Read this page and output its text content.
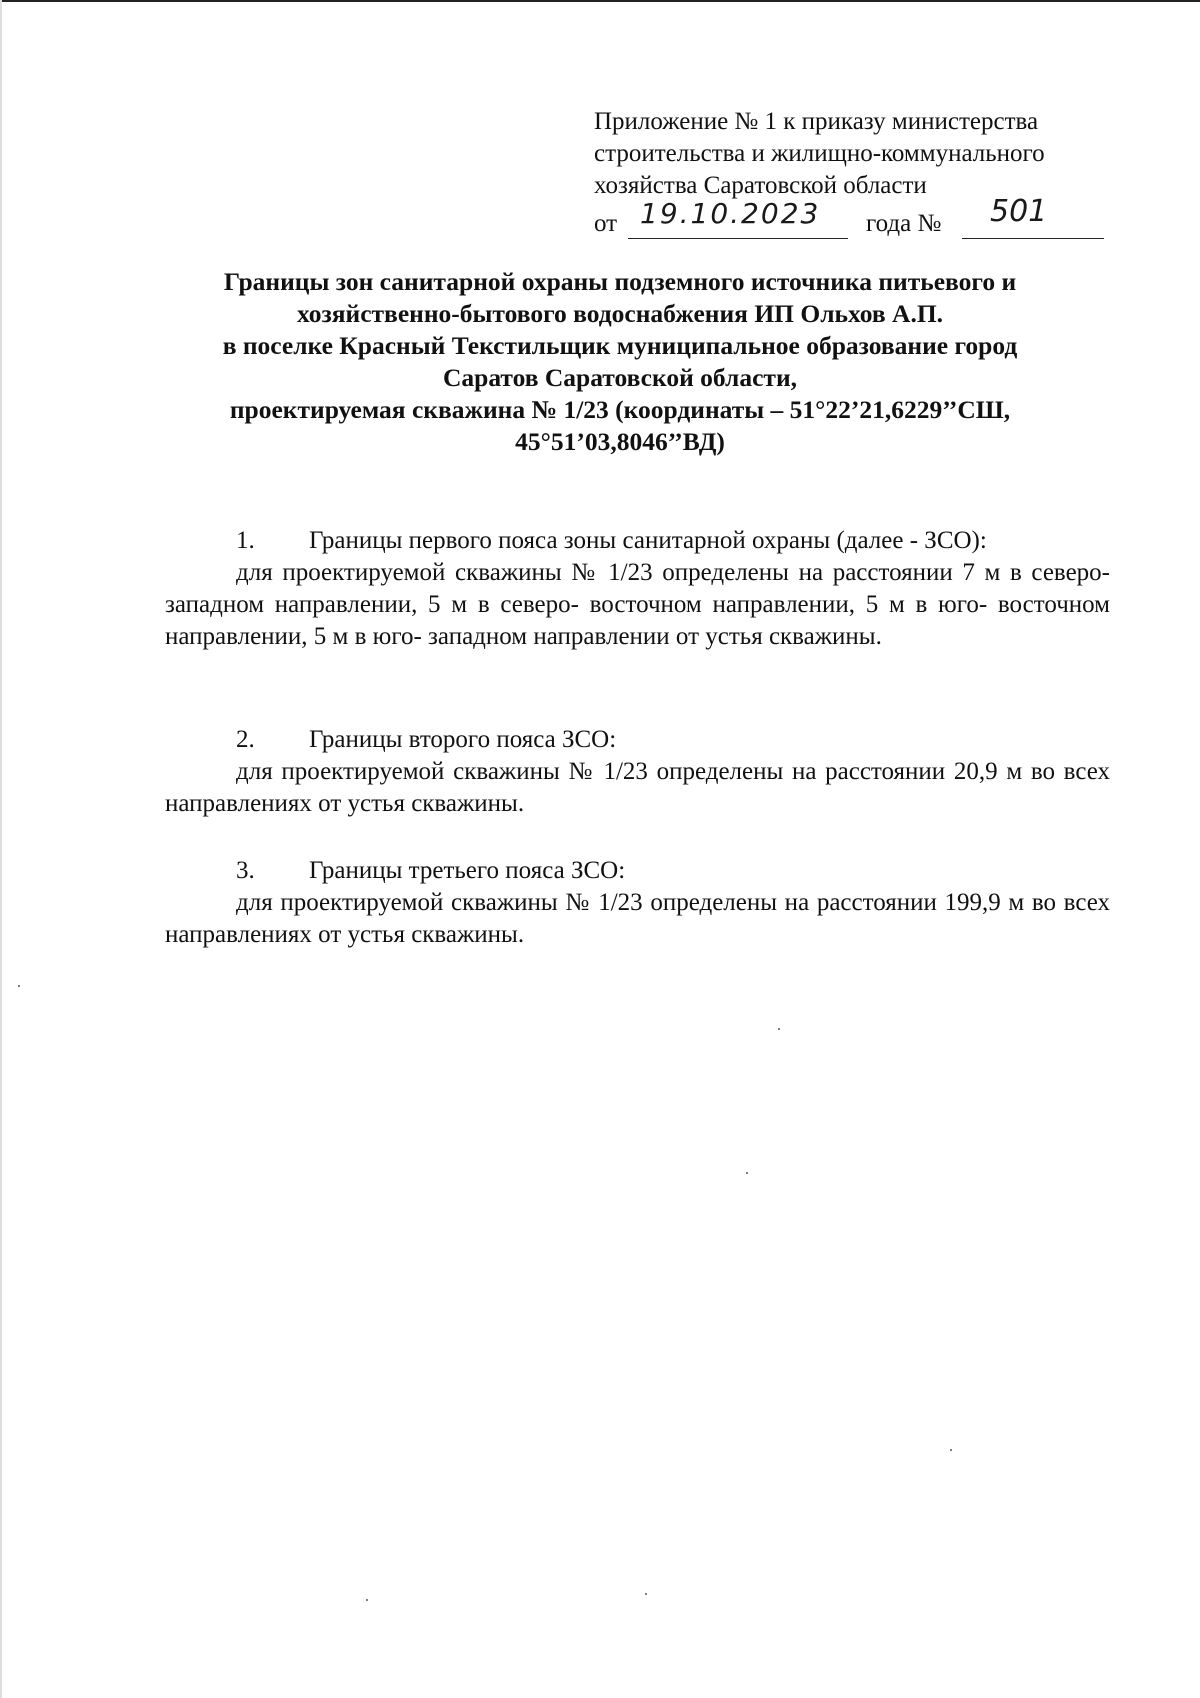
Приложение № 1 к приказу министерства
строительства и жилищно-коммунального
хозяйства Саратовской области
от 19.10.2023 года № 501
Границы зон санитарной охраны подземного источника питьевого и
хозяйственно-бытового водоснабжения ИП Ольхов А.П.
в поселке Красный Текстильщик муниципальное образование город
Саратов Саратовской области,
проектируемая скважина № 1/23 (координаты – 51°22’21,6229’’СШ,
45°51’03,8046’’ВД)
1. Границы первого пояса зоны санитарной охраны (далее - ЗСО):
для проектируемой скважины № 1/23 определены на расстоянии 7 м в северо- западном направлении, 5 м в северо- восточном направлении, 5 м в юго- восточном направлении, 5 м в юго- западном направлении от устья скважины.
2. Границы второго пояса ЗСО:
для проектируемой скважины № 1/23 определены на расстоянии 20,9 м во всех направлениях от устья скважины.
3. Границы третьего пояса ЗСО:
для проектируемой скважины № 1/23 определены на расстоянии 199,9 м во всех направлениях от устья скважины.
